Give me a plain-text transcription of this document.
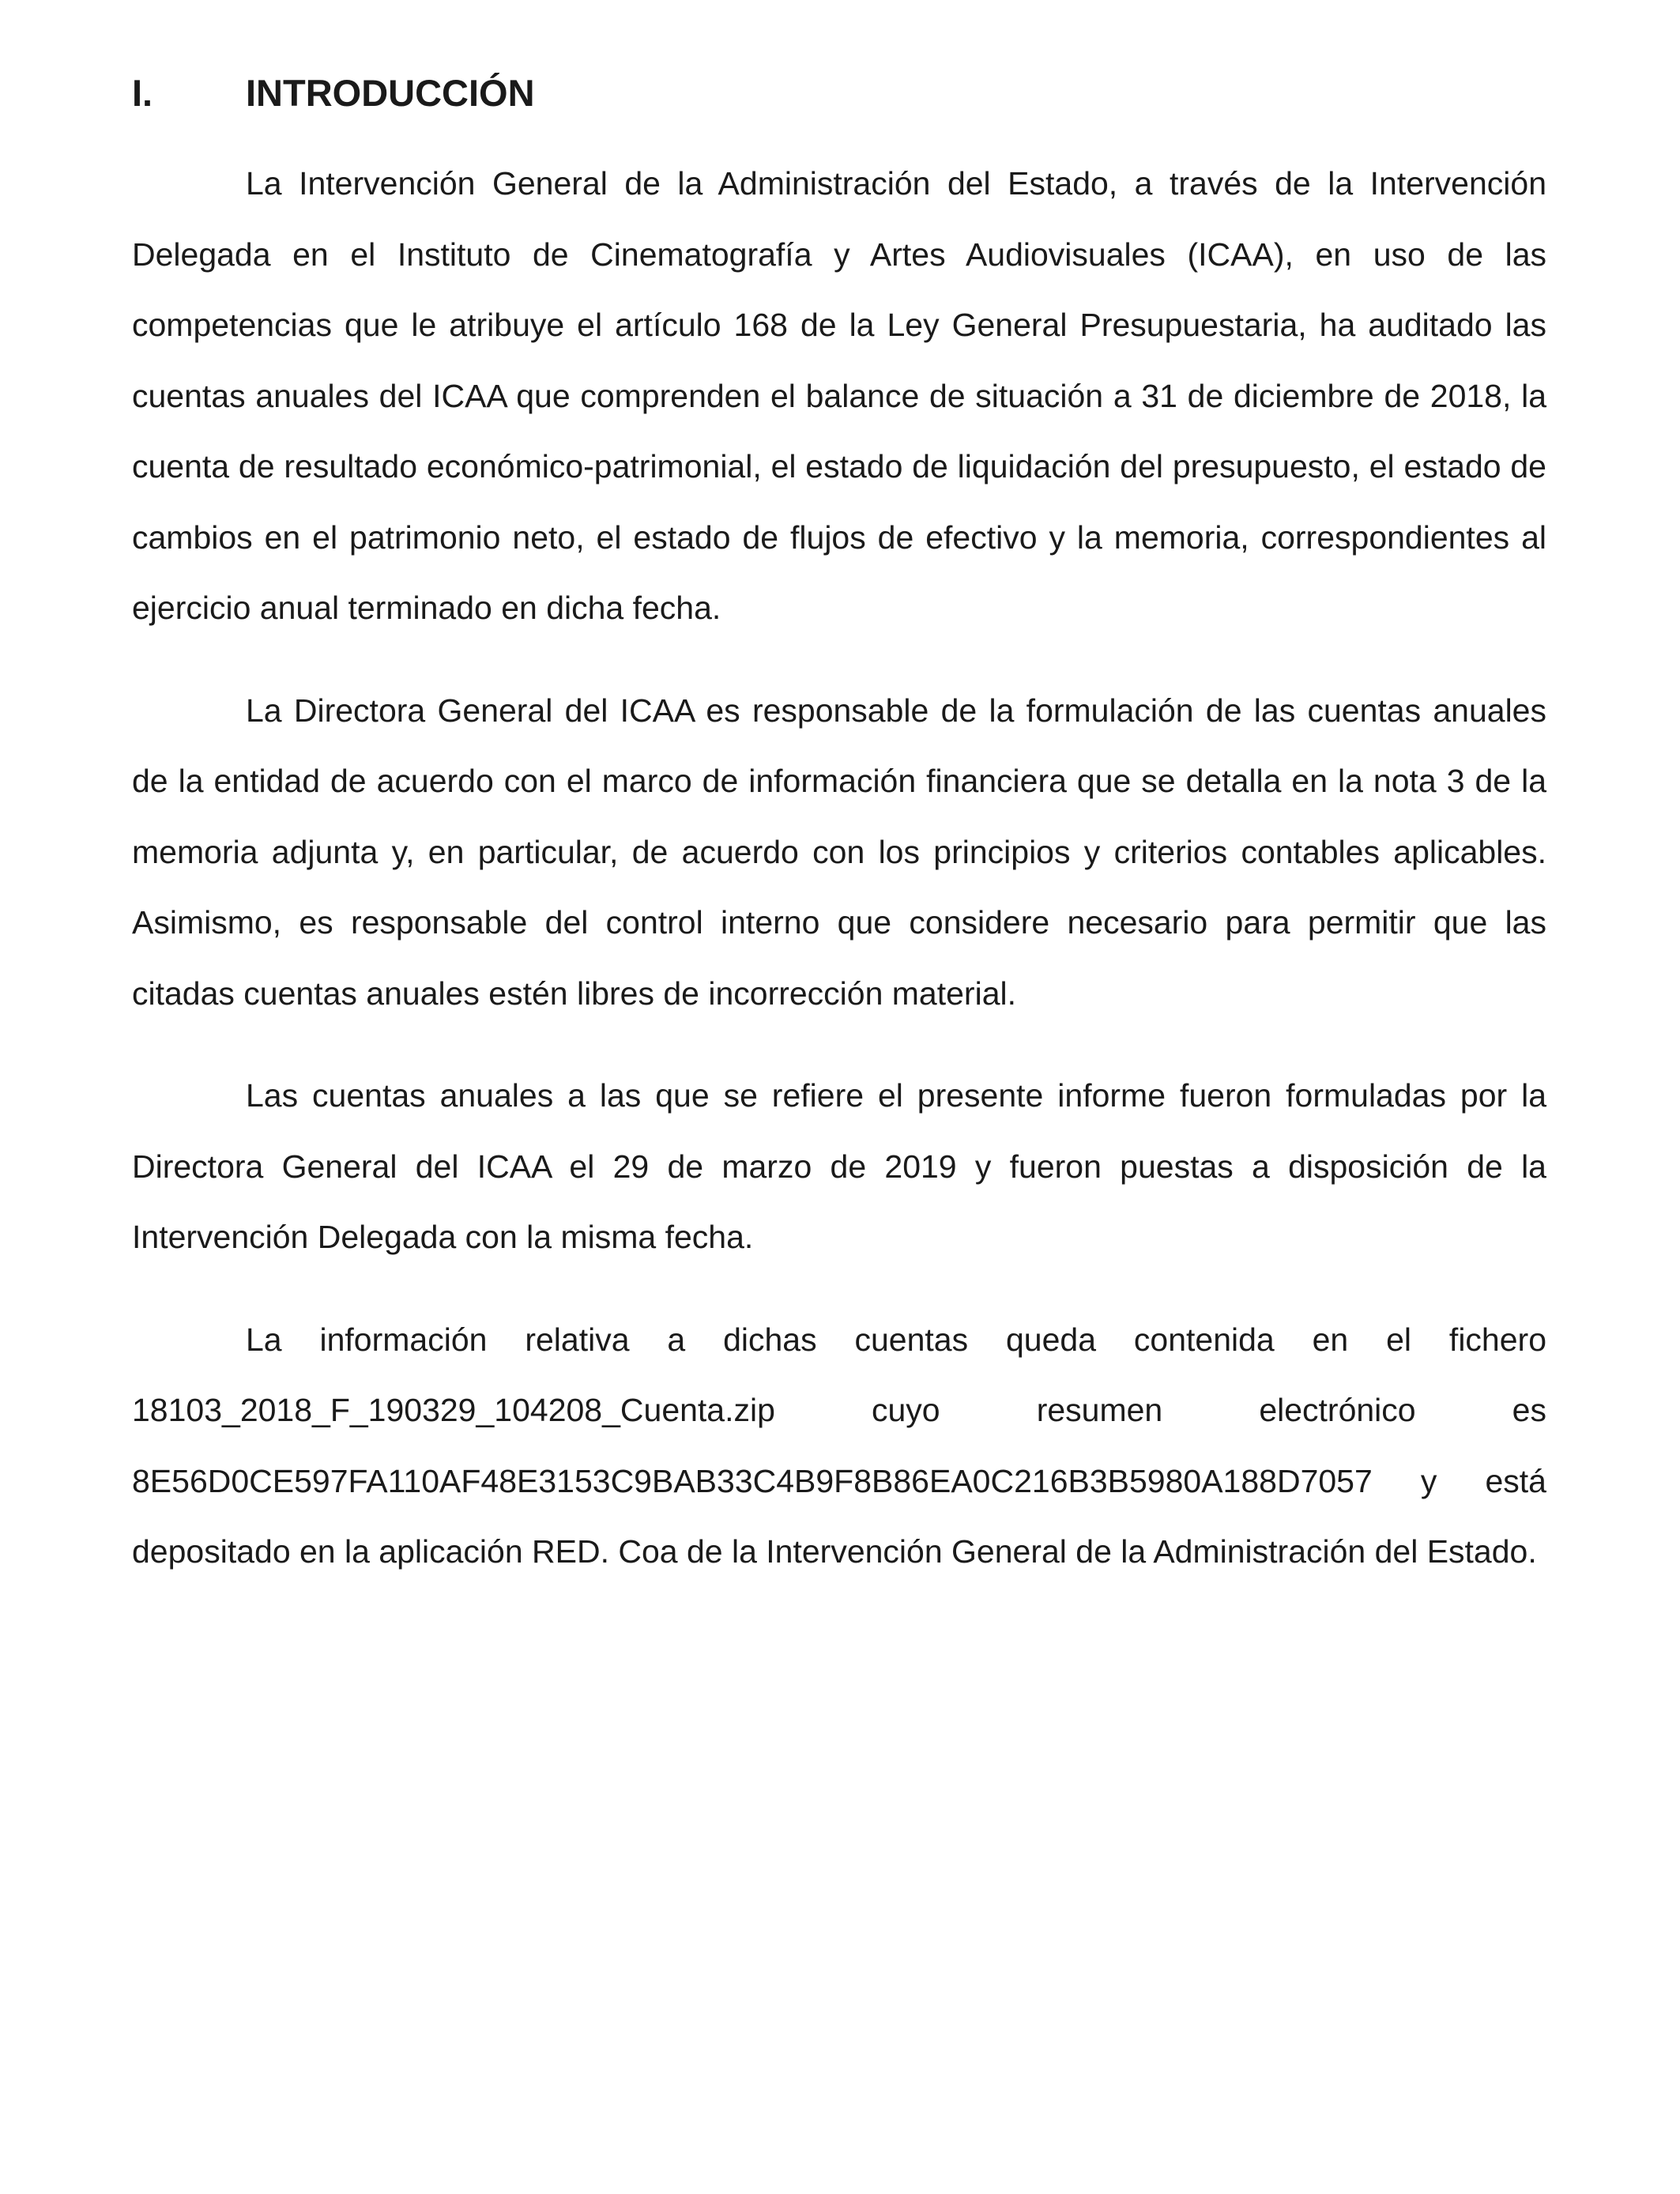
I.	INTRODUCCIÓN

La Intervención General de la Administración del Estado, a través de la Intervención Delegada en el Instituto de Cinematografía y Artes Audiovisuales (ICAA), en uso de las competencias que le atribuye el artículo 168 de la Ley General Presupuestaria, ha auditado las cuentas anuales del ICAA que comprenden el balance de situación a 31 de diciembre de 2018, la cuenta de resultado económico-patrimonial, el estado de liquidación del presupuesto, el estado de cambios en el patrimonio neto, el estado de flujos de efectivo y la memoria, correspondientes al ejercicio anual terminado en dicha fecha.

La Directora General del ICAA es responsable de la formulación de las cuentas anuales de la entidad de acuerdo con el marco de información financiera que se detalla en la nota 3 de la memoria adjunta y, en particular, de acuerdo con los principios y criterios contables aplicables. Asimismo, es responsable del control interno que considere necesario para permitir que las citadas cuentas anuales estén libres de incorrección material.

Las cuentas anuales a las que se refiere el presente informe fueron formuladas por la Directora General del ICAA el 29 de marzo de 2019 y fueron puestas a disposición de la Intervención Delegada con la misma fecha.

La información relativa a dichas cuentas queda contenida en el fichero 18103_2018_F_190329_104208_Cuenta.zip cuyo resumen electrónico es 8E56D0CE597FA110AF48E3153C9BAB33C4B9F8B86EA0C216B3B5980A188D7057 y está depositado en la aplicación RED. Coa de la Intervención General de la Administración del Estado.
